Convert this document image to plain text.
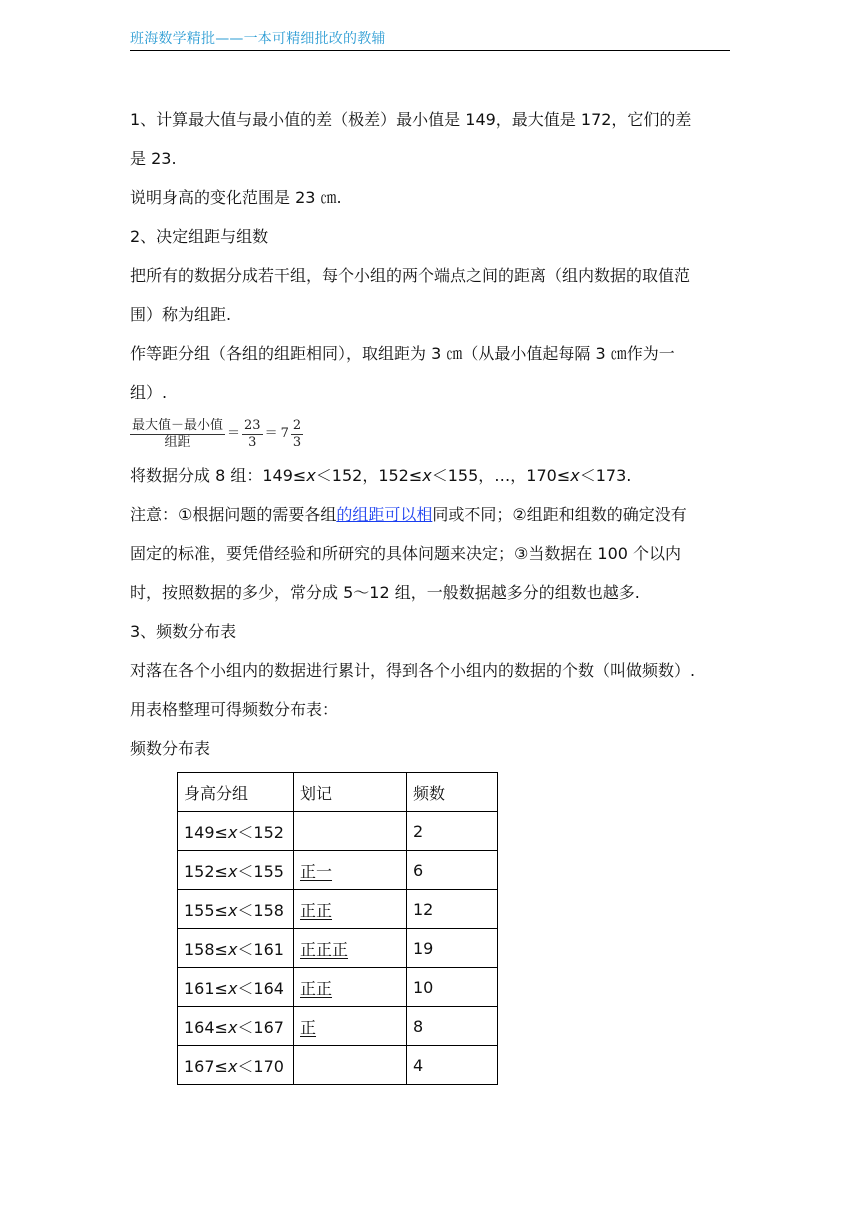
班海数学精批——一本可精细批改的教辅

1、计算最大值与最小值的差（极差）最小值是 149，最大值是 172，它们的差

是 23.

说明身高的变化范围是 23 ㎝.

2、决定组距与组数

把所有的数据分成若干组，每个小组的两个端点之间的距离（组内数据的取值范

围）称为组距.

作等距分组（各组的组距相同），取组距为 3 ㎝（从最小值起每隔 3 ㎝作为一

组）.

$\frac{\text{最大值－最小值}}{\text{组距}} = \frac{23}{3} = 7 \frac{2}{3}$

将数据分成 8 组：149≤x＜152，152≤x＜155，…，170≤x＜173.

注意：①根据问题的需要各组的组距可以相同或不同；②组距和组数的确定没有

固定的标准，要凭借经验和所研究的具体问题来决定；③当数据在 100 个以内

时，按照数据的多少，常分成 5～12 组，一般数据越多分的组数也越多.

3、频数分布表

对落在各个小组内的数据进行累计，得到各个小组内的数据的个数（叫做频数）.

用表格整理可得频数分布表：

频数分布表

身高分组	划记	频数
149≤x＜152		2
152≤x＜155	正一	6
155≤x＜158	正正	12
158≤x＜161	正正正	19
161≤x＜164	正正	10
164≤x＜167	正	8
167≤x＜170		4
